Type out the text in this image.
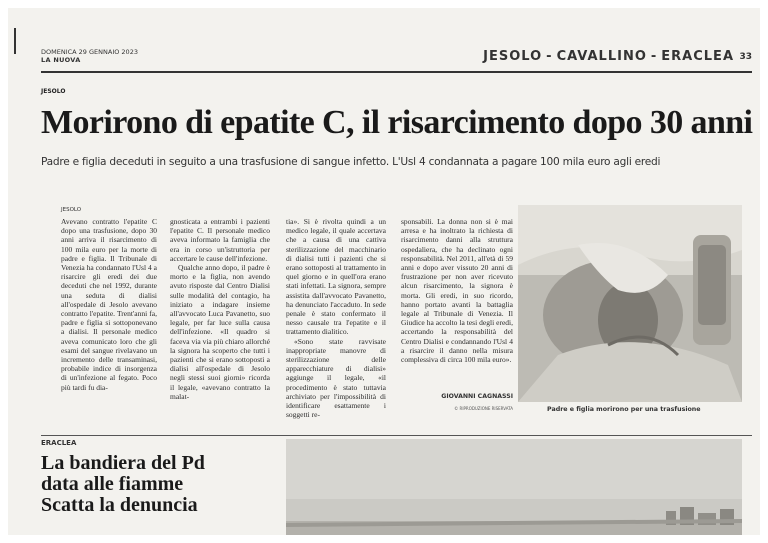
DOMENICA 29 GENNAIO 2023
LA NUOVA	JESOLO - CAVALLINO - ERACLEA 33
JESOLO
Morirono di epatite C, il risarcimento dopo 30 anni
Padre e figlia deceduti in seguito a una trasfusione di sangue infetto. L'Usl 4 condannata a pagare 100 mila euro agli eredi
JESOLO

Avevano contratto l'epatite C dopo una trasfusione, dopo 30 anni arriva il risarcimento di 100 mila euro per la morte di padre e figlia. Il Tribunale di Venezia ha condannato l'Usl 4 a risarcire gli eredi dei due deceduti che nel 1992, durante una seduta di dialisi all'ospedale di Jesolo avevano contratto l'epatite. Trent'anni fa, padre e figlia si sottoponevano a dialisi. Il personale medico aveva comunicato loro che gli esami del sangue rivelavano un incremento delle transaminasi, probabile indice di insorgenza di un'infezione al fegato. Poco più tardi fu dia-

gnosticata a entrambi i pazienti l'epatite C. Il personale medico aveva informato la famiglia che era in corso un'istruttoria per accertare le cause dell'infezione.

Qualche anno dopo, il padre è morto e la figlia, non avendo avuto risposte dal Centro Dialisi sulle modalità del contagio, ha iniziato a indagare insieme all'avvocato Luca Pavanetto, suo legale, per far luce sulla causa dell'infezione. «Il quadro si faceva via via più chiaro allorché la signora ha scoperto che tutti i pazienti che si erano sottoposti a dialisi all'ospedale di Jesolo negli stessi suoi giorni» ricorda il legale, «avevano contratto la malat-

tia». Si è rivolta quindi a un medico legale, il quale accertava che a causa di una cattiva sterilizzazione del macchinario di dialisi tutti i pazienti che si erano sottoposti al trattamento in quel giorno e in quell'ora erano stati infettati. La signora, sempre assistita dall'avvocato Pavanetto, ha denunciato l'accaduto. In sede penale è stato confermato il nesso causale tra l'epatite e il trattamento dialitico.

«Sono state ravvisate inappropriate manovre di sterilizzazione delle apparecchiature di dialisi» aggiunge il legale, «il procedimento è stato tuttavia archiviato per l'impossibilità di identificare esattamente i soggetti re-

sponsabili. La donna non si è mai arresa e ha inoltrato la richiesta di risarcimento danni alla struttura ospedaliera, che ha declinato ogni responsabilità. Nel 2011, all'età di 59 anni e dopo aver vissuto 20 anni di frustrazione per non aver ricevuto alcun risarcimento, la signora è morta. Gli eredi, in suo ricordo, hanno portato avanti la battaglia legale al Tribunale di Venezia. Il Giudice ha accolto la tesi degli eredi, accertando la responsabilità del Centro Dialisi e condannando l'Usl 4 a risarcire il danno nella misura complessiva di circa 100 mila euro».

GIOVANNI CAGNASSI
© RIPRODUZIONE RISERVATA	Padre e figlia morirono per una trasfusione
ERACLEA
La bandiera del Pd
data alle fiamme
Scatta la denuncia
